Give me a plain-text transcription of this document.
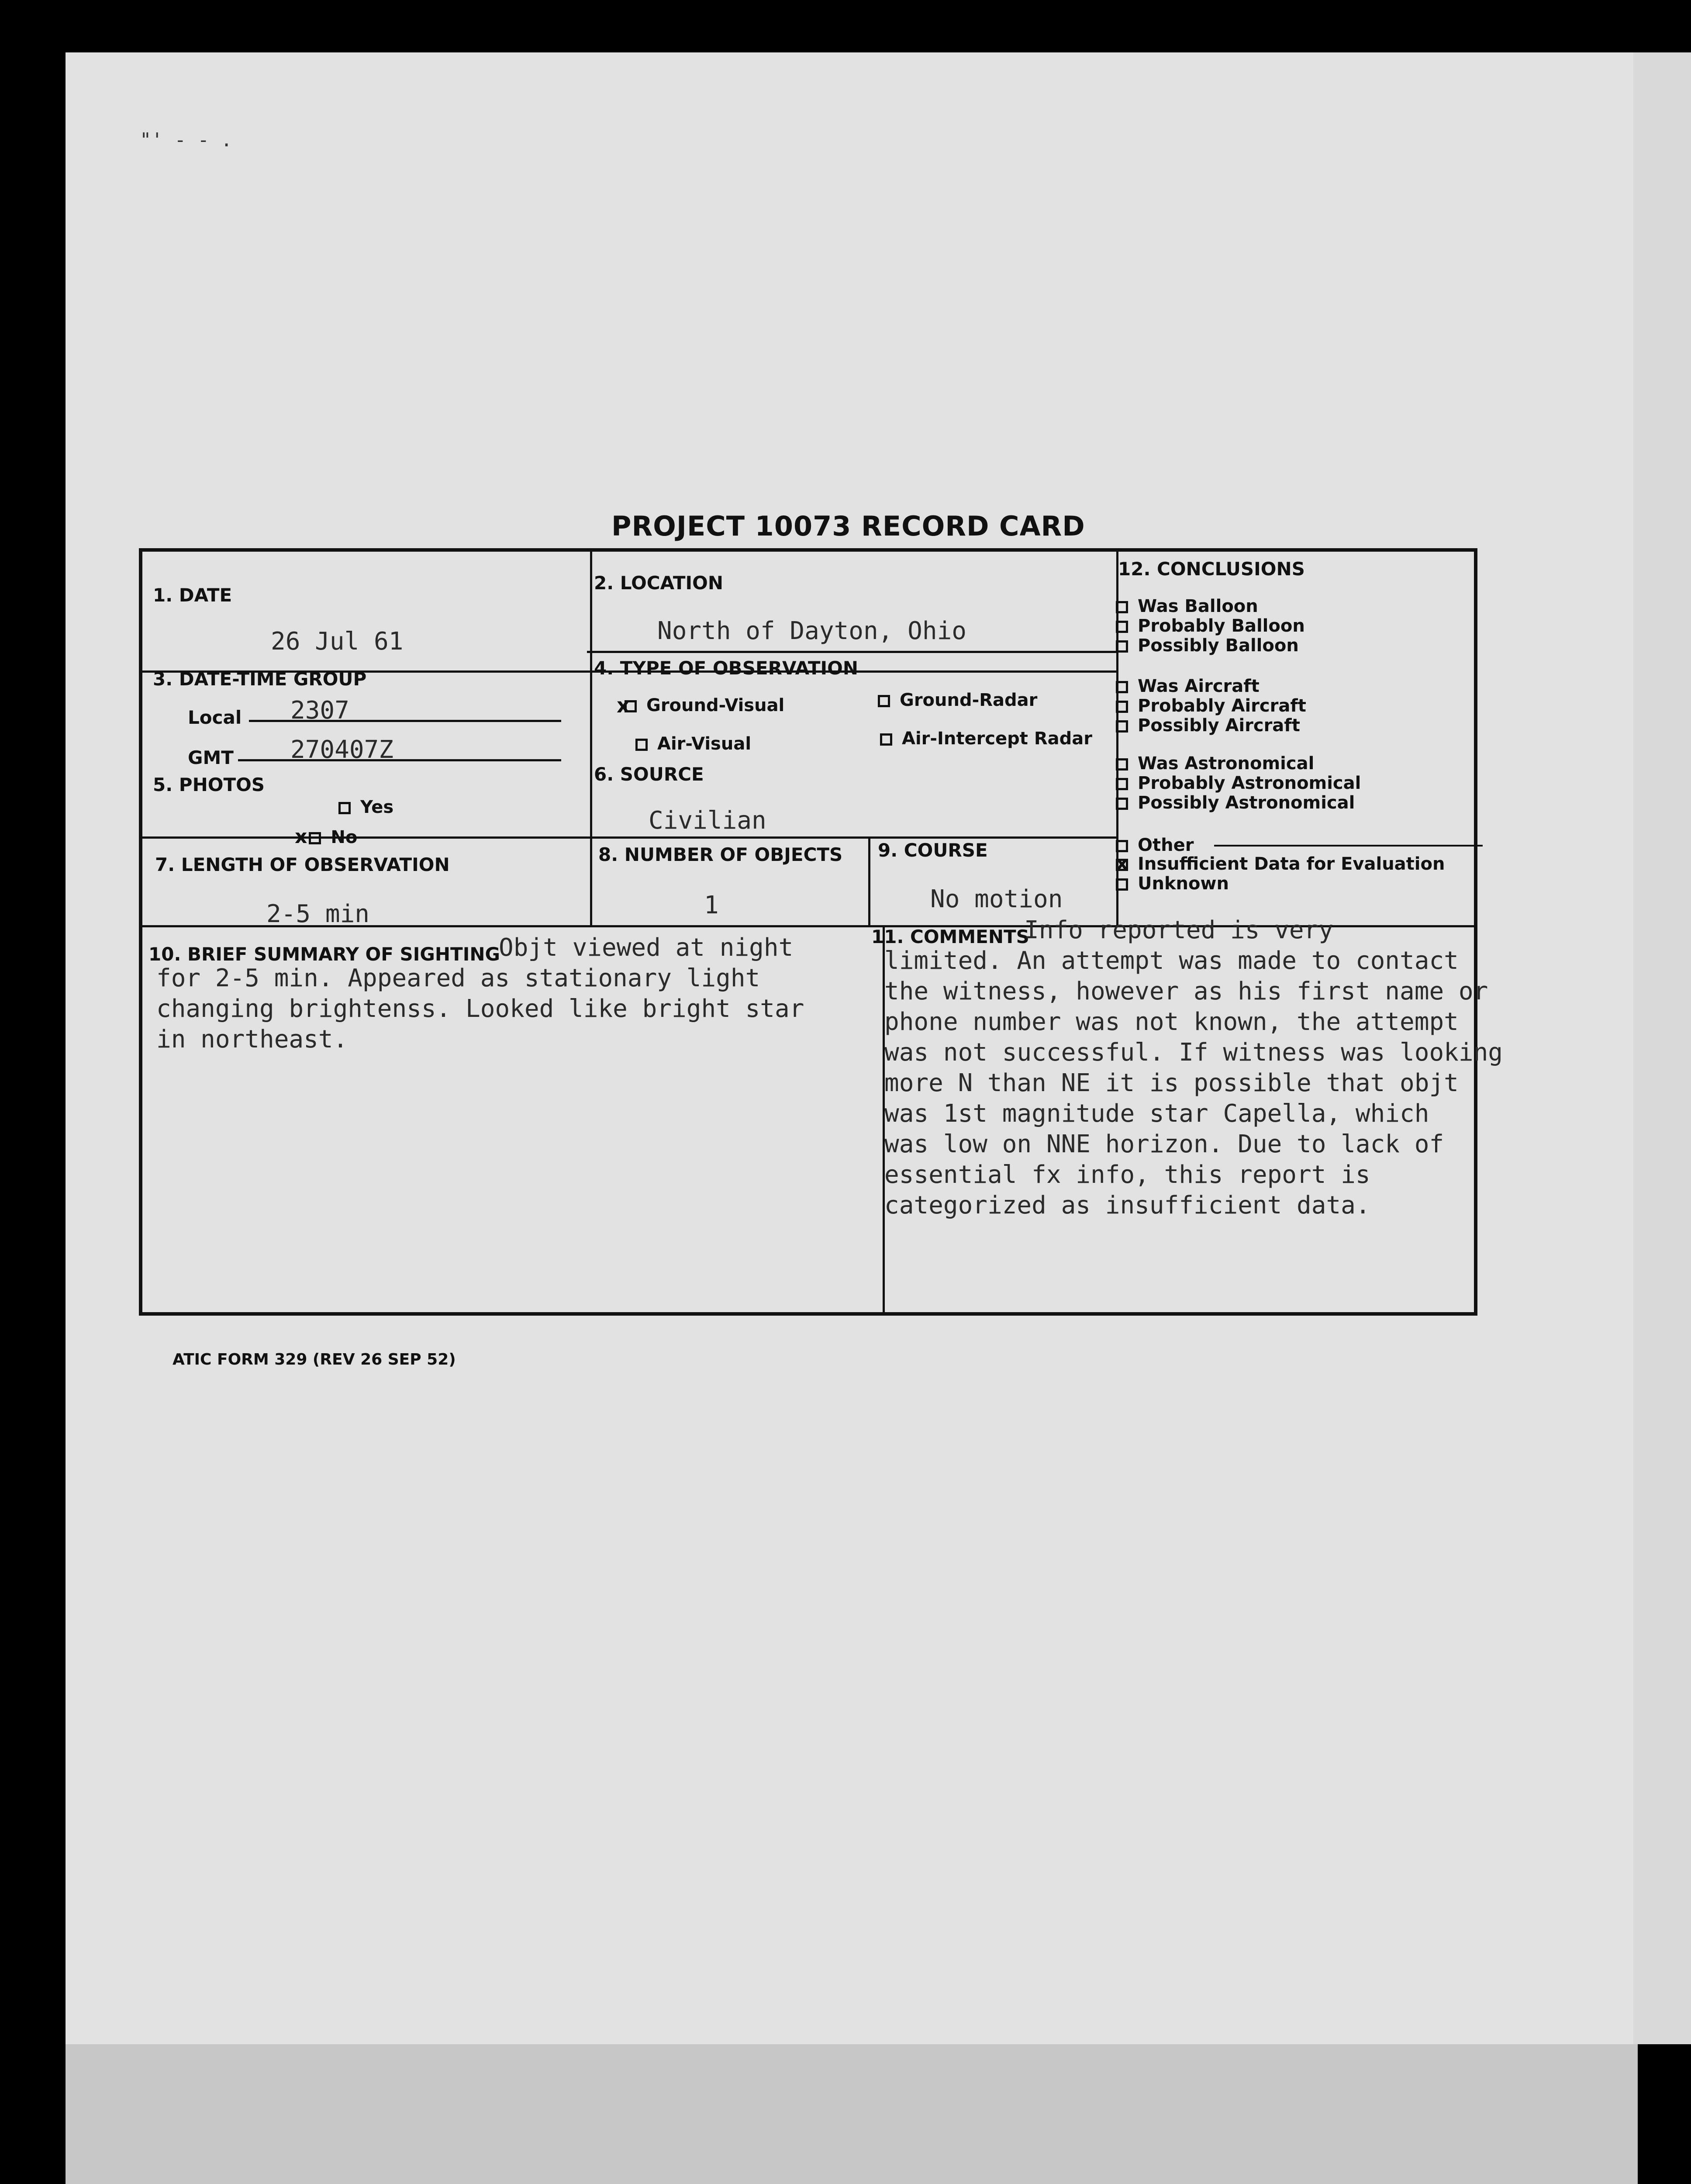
"' - - .
PROJECT 10073 RECORD CARD
1. DATE
26 Jul 61
2. LOCATION
North of Dayton, Ohio
3. DATE-TIME GROUP
Local 2307
GMT 270407Z
4. TYPE OF OBSERVATION
x Ground-Visual	Ground-Radar
Air-Visual	Air-Intercept Radar
5. PHOTOS
Yes
x No
6. SOURCE
Civilian
7. LENGTH OF OBSERVATION
2-5 min
8. NUMBER OF OBJECTS
1
9. COURSE
No motion
10. BRIEF SUMMARY OF SIGHTING
Objt viewed at night
for 2-5 min. Appeared as stationary light
changing brightenss. Looked like bright star
in northeast.
11. COMMENTS
Info reported is very
limited. An attempt was made to contact
the witness, however as his first name or
phone number was not known, the attempt
was not successful. If witness was looking
more N than NE it is possible that objt
was 1st magnitude star Capella, which
was low on NNE horizon. Due to lack of
essential fx info, this report is
categorized as insufficient data.
12. CONCLUSIONS
Was Balloon
Probably Balloon
Possibly Balloon
Was Aircraft
Probably Aircraft
Possibly Aircraft
Was Astronomical
Probably Astronomical
Possibly Astronomical
Other
x Insufficient Data for Evaluation
Unknown
ATIC FORM 329 (REV 26 SEP 52)
